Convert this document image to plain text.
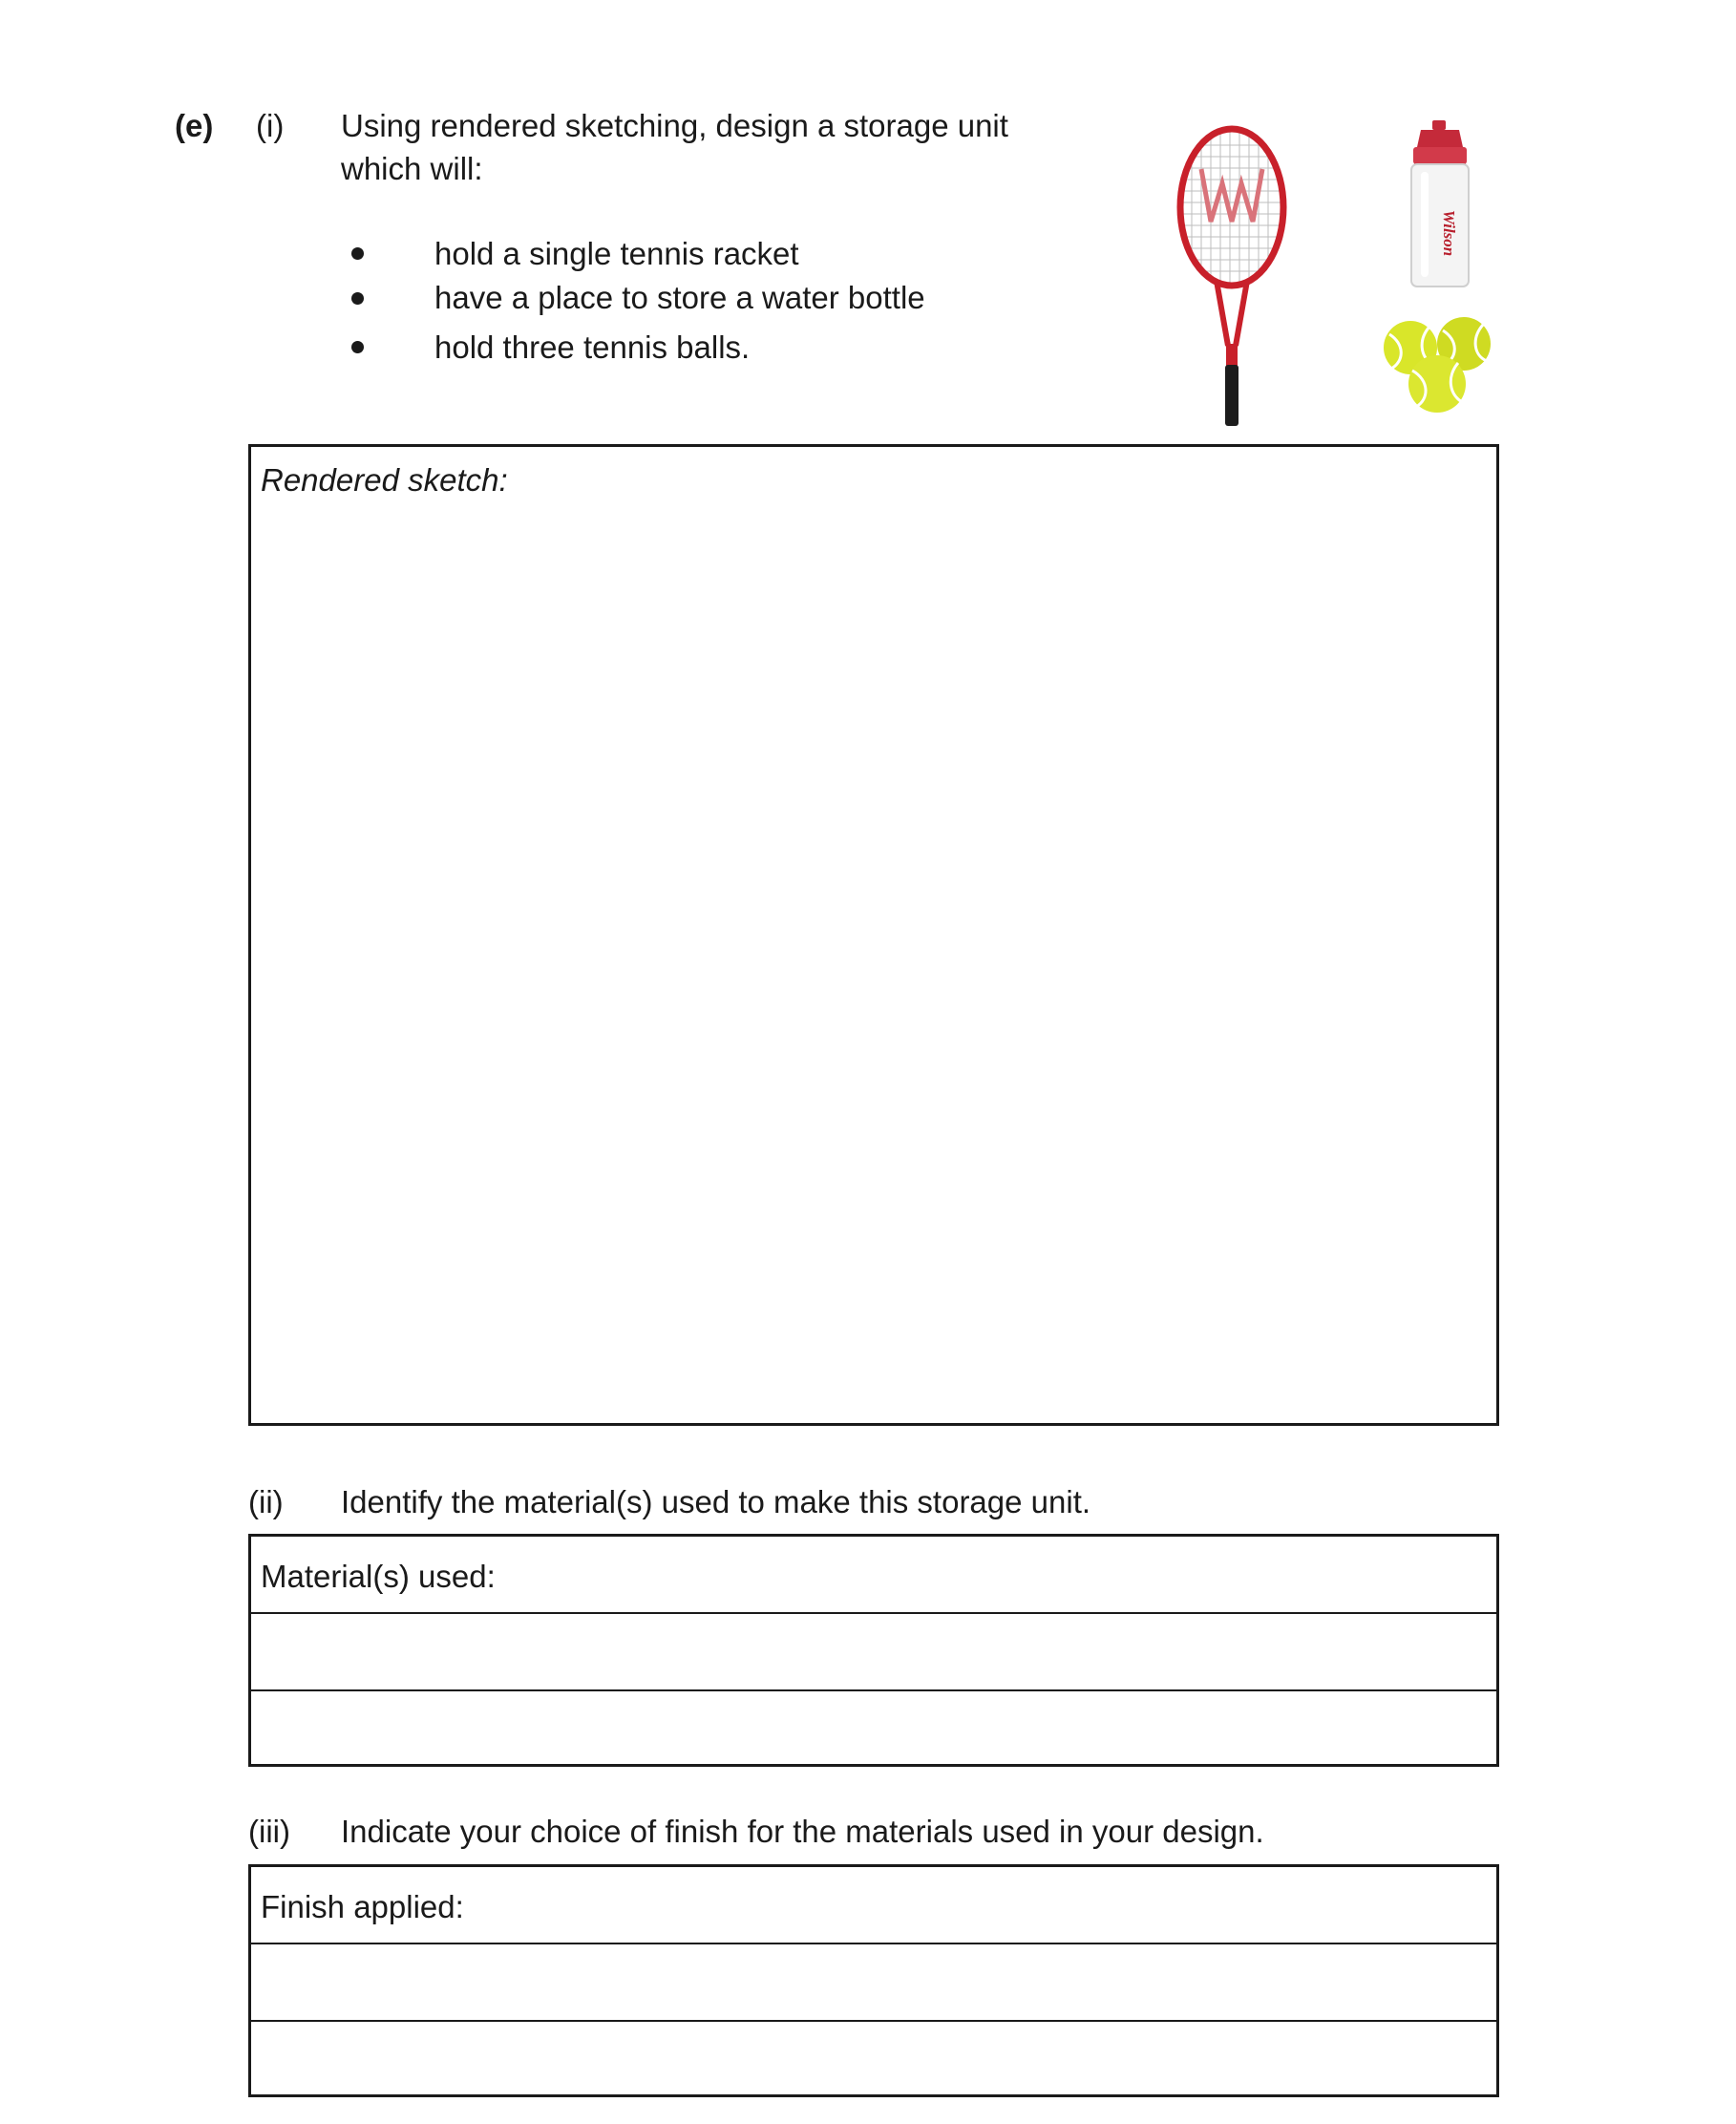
(e) (i) Using rendered sketching, design a storage unit
which will:
hold a single tennis racket
have a place to store a water bottle
hold three tennis balls.
Wilson
Rendered sketch:
(ii) Identify the material(s) used to make this storage unit.
Material(s) used:
(iii) Indicate your choice of finish for the materials used in your design.
Finish applied:
